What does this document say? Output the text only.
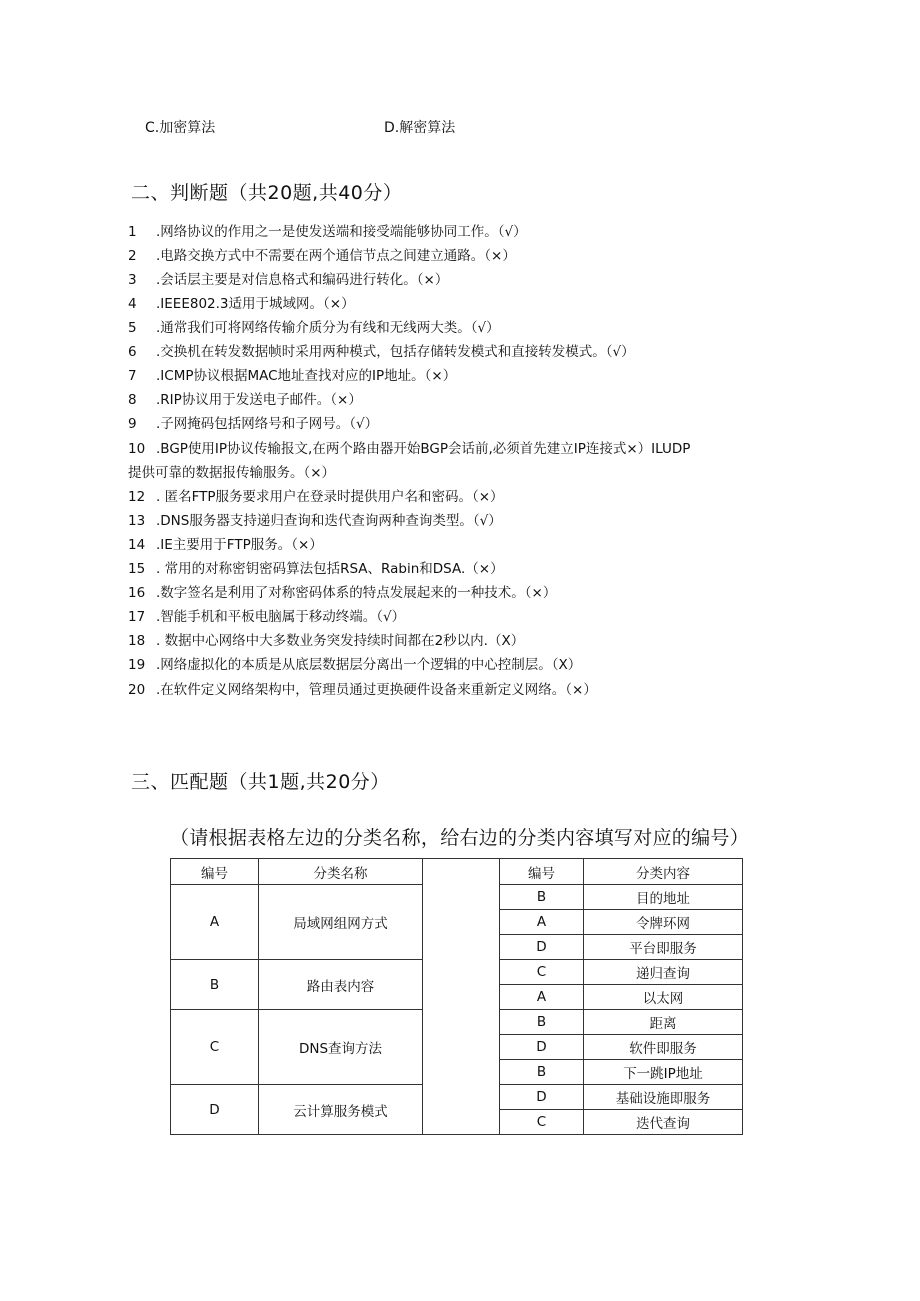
C.加密算法	D.解密算法
二、判断题（共20题,共40分）
1 .网络协议的作用之一是使发送端和接受端能够协同工作。（√）
2 .电路交换方式中不需要在两个通信节点之间建立通路。（×）
3 .会话层主要是对信息格式和编码进行转化。（×）
4 .IEEE802.3适用于城域网。（×）
5 .通常我们可将网络传输介质分为有线和无线两大类。（√）
6 .交换机在转发数据帧时采用两种模式，包括存储转发模式和直接转发模式。（√）
7 .ICMP协议根据MAC地址查找对应的IP地址。（×）
8 .RIP协议用于发送电子邮件。（×）
9 .子网掩码包括网络号和子网号。（√）
10 .BGP使用IP协议传输报文,在两个路由器开始BGP会话前,必须首先建立IP连接式×）ILUDP
提供可靠的数据报传输服务。（×）
12 . 匿名FTP服务要求用户在登录时提供用户名和密码。（×）
13 .DNS服务器支持递归查询和迭代查询两种查询类型。（√）
14 .IE主要用于FTP服务。（×）
15 . 常用的对称密钥密码算法包括RSA、Rabin和DSA.（×）
16 .数字签名是利用了对称密码体系的特点发展起来的一种技术。（×）
17 .智能手机和平板电脑属于移动终端。（√）
18 . 数据中心网络中大多数业务突发持续时间都在2秒以内.（X）
19 .网络虚拟化的本质是从底层数据层分离出一个逻辑的中心控制层。（X）
20 .在软件定义网络架构中，管理员通过更换硬件设备来重新定义网络。（×）
三、匹配题（共1题,共20分）
（请根据表格左边的分类名称，给右边的分类内容填写对应的编号）
编号	分类名称		编号	分类内容
A	局域网组网方式		B	目的地址
			A	令牌环网
			D	平台即服务
B	路由表内容		C	递归查询
			A	以太网
C	DNS查询方法		B	距离
			D	软件即服务
			B	下一跳IP地址
D	云计算服务模式		D	基础设施即服务
			C	迭代查询
